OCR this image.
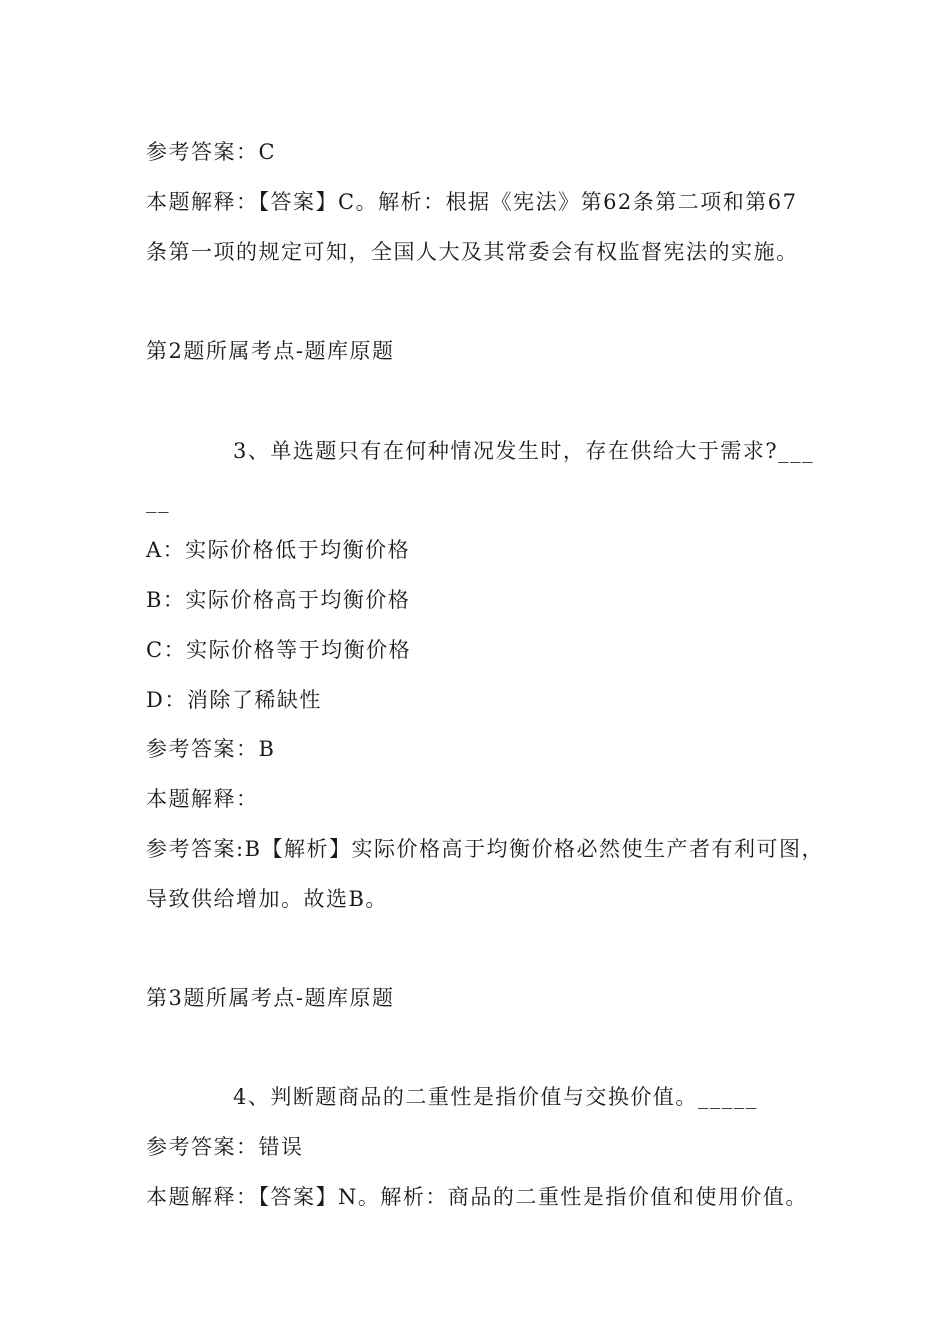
参考答案：C
本题解释：【答案】C。解析：根据《宪法》第62条第二项和第67
条第一项的规定可知，全国人大及其常委会有权监督宪法的实施。
第2题所属考点-题库原题
3、单选题只有在何种情况发生时，存在供给大于需求?___
__
A：实际价格低于均衡价格
B：实际价格高于均衡价格
C：实际价格等于均衡价格
D：消除了稀缺性
参考答案：B
本题解释：
参考答案:B【解析】实际价格高于均衡价格必然使生产者有利可图，
导致供给增加。故选B。
第3题所属考点-题库原题
4、判断题商品的二重性是指价值与交换价值。_____
参考答案：错误
本题解释：【答案】N。解析：商品的二重性是指价值和使用价值。
